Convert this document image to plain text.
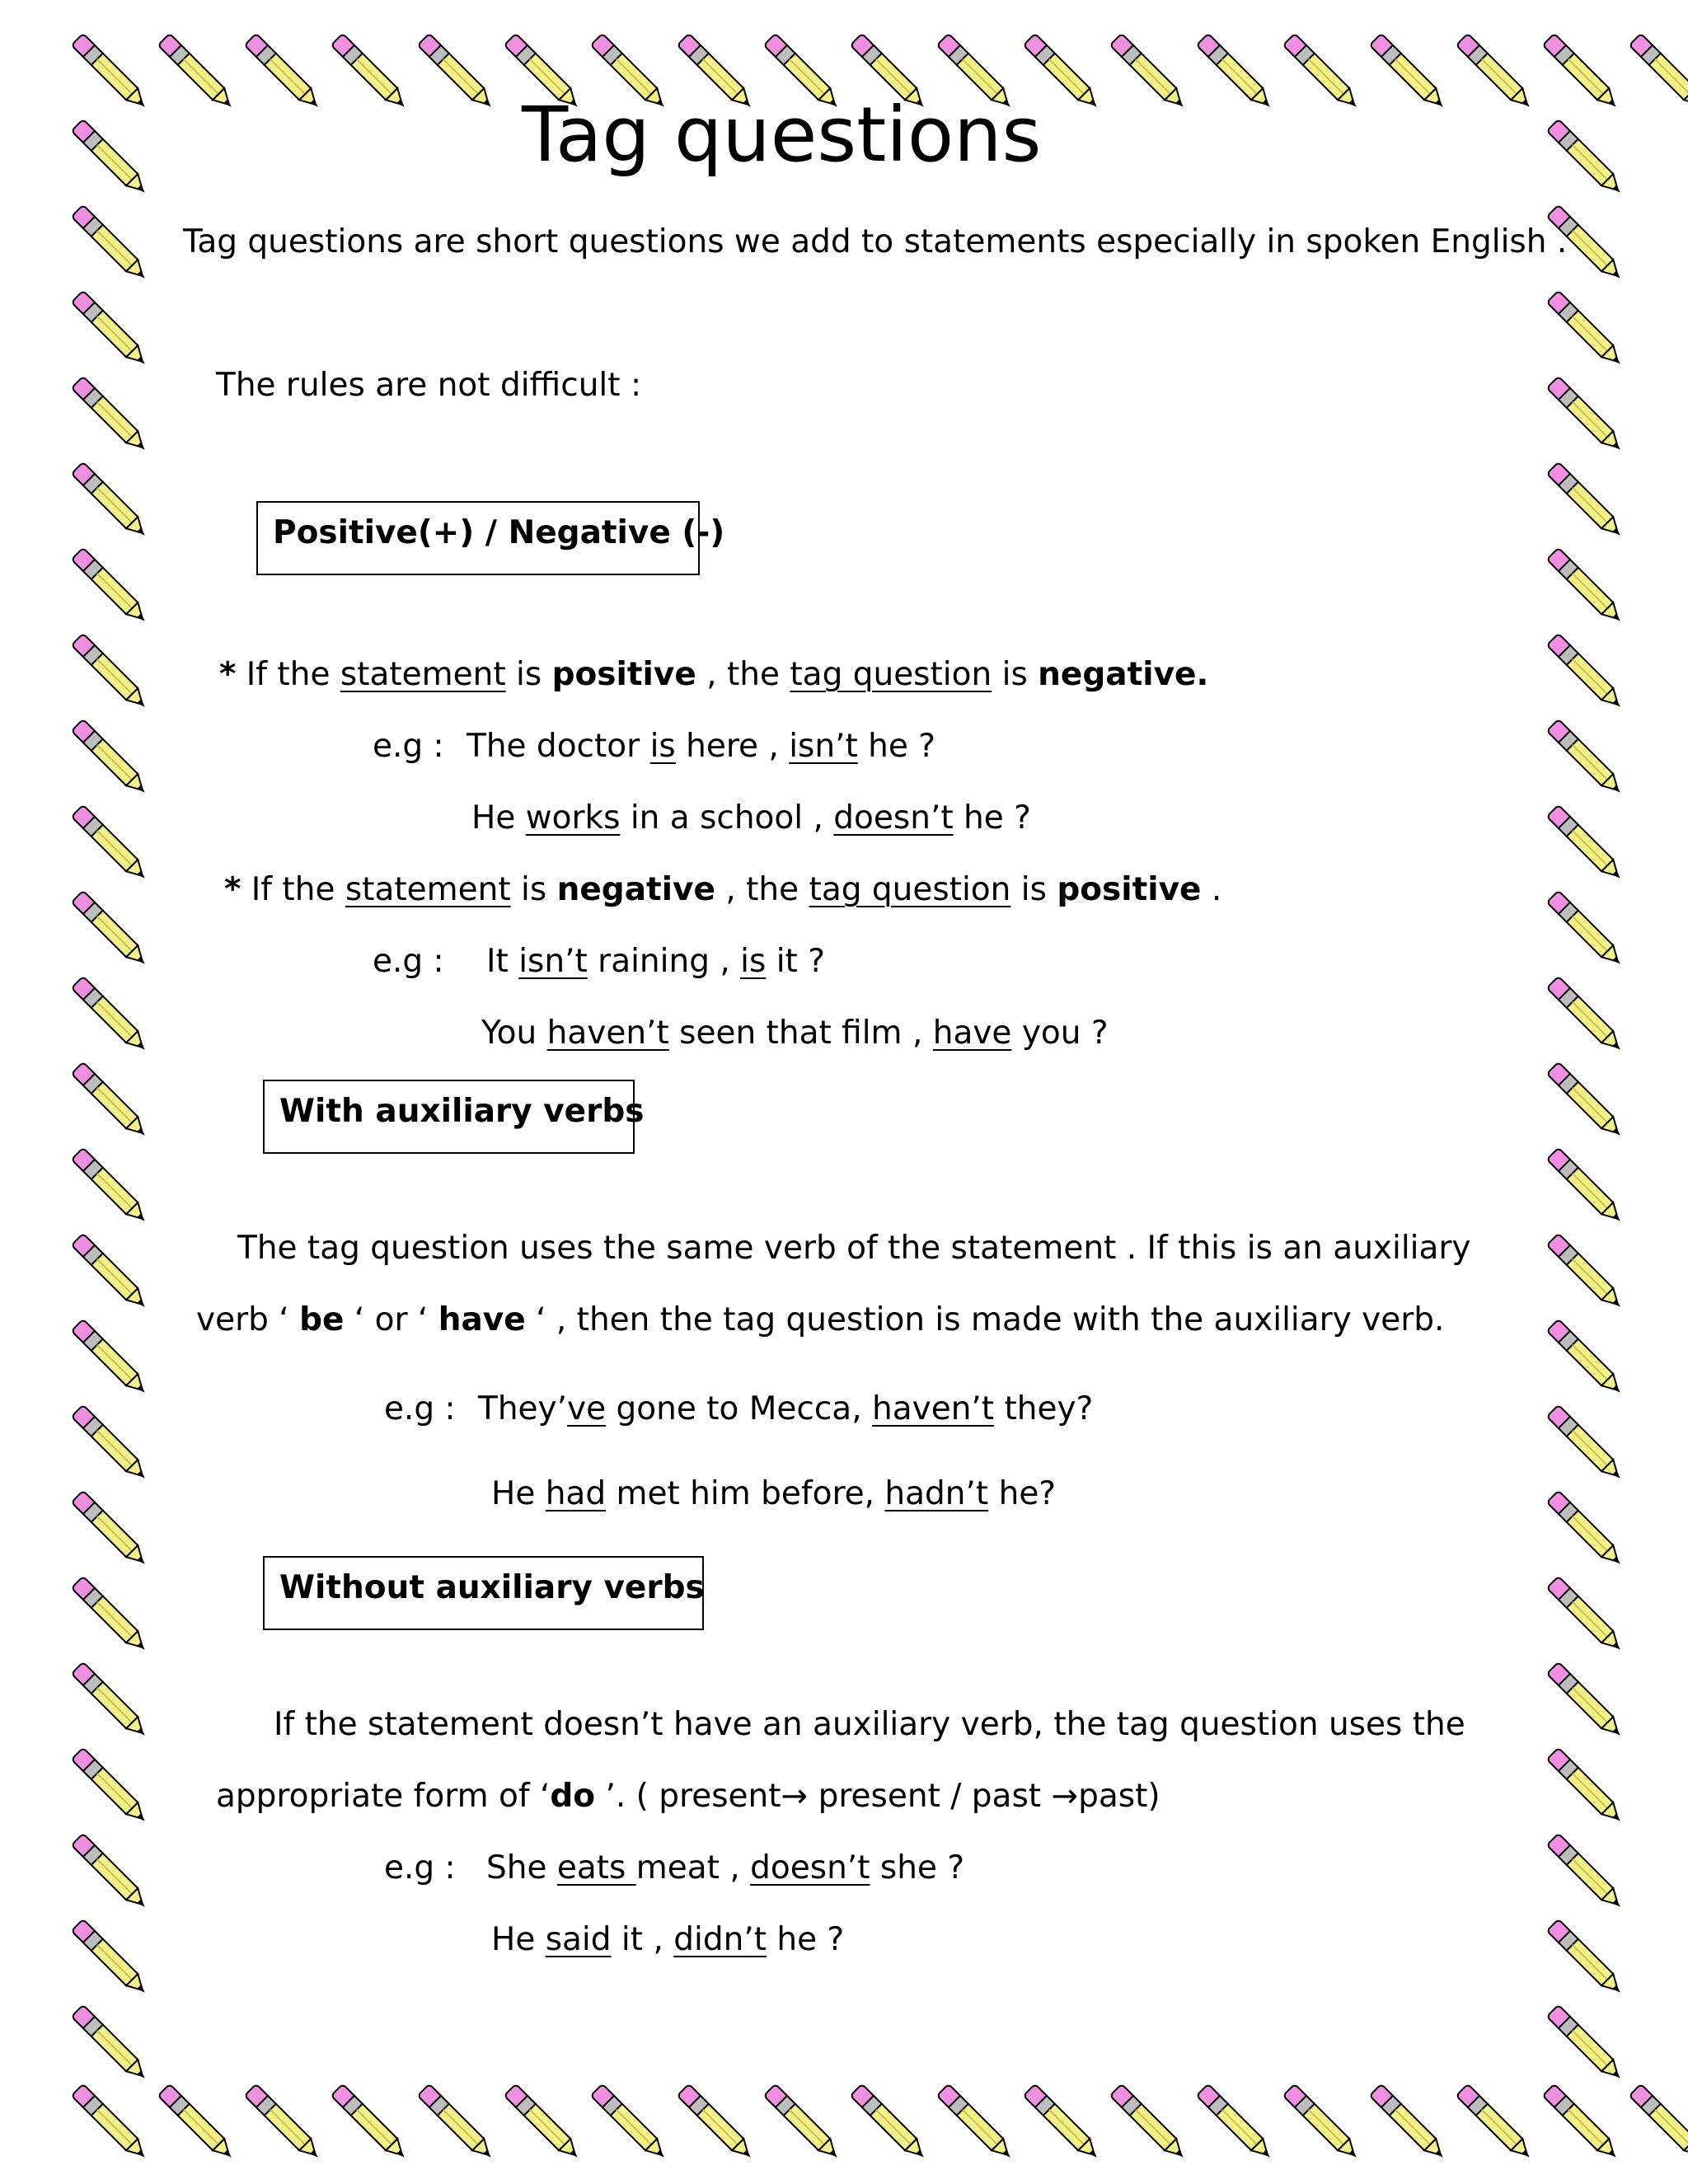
Tag questions
Tag questions are short questions we add to statements especially in spoken English .
The rules are not difficult :
Positive(+) / Negative (-)
* If the statement is positive , the tag question is negative.
e.g : The doctor is here , isn’t he ?
He works in a school , doesn’t he ?
* If the statement is negative , the tag question is positive .
e.g : It isn’t raining , is it ?
You haven’t seen that film , have you ?
With auxiliary verbs
The tag question uses the same verb of the statement . If this is an auxiliary
verb ‘ be ‘ or ‘ have ‘ , then the tag question is made with the auxiliary verb.
e.g : They’ve gone to Mecca, haven’t they?
He had met him before, hadn’t he?
Without auxiliary verbs
If the statement doesn’t have an auxiliary verb, the tag question uses the
appropriate form of ‘do ’. ( present→ present / past →past)
e.g : She eats meat , doesn’t she ?
He said it , didn’t he ?
